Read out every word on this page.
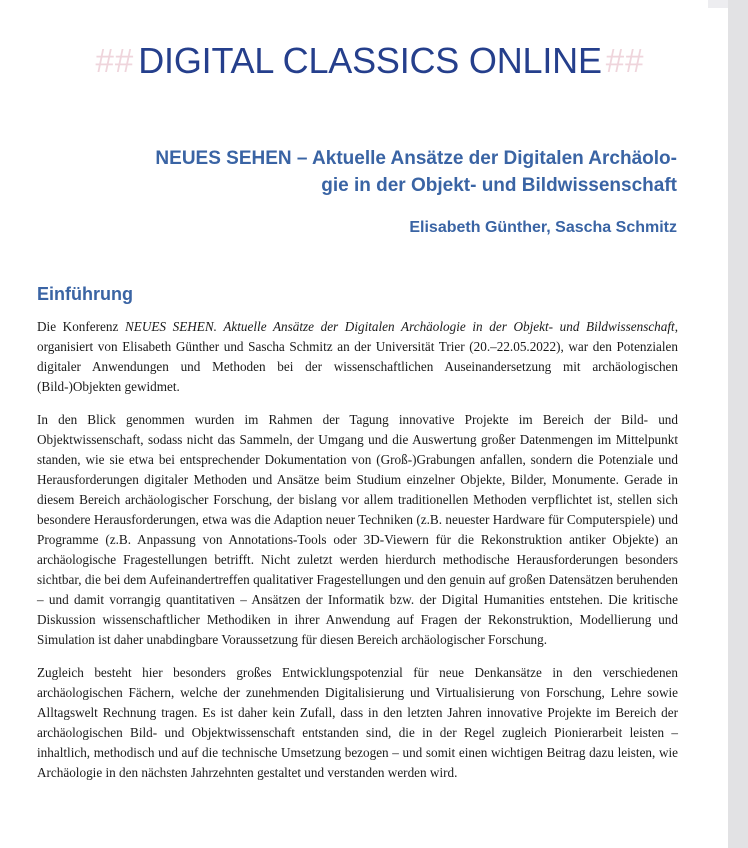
## DIGITAL CLASSICS ONLINE ##
NEUES SEHEN – Aktuelle Ansätze der Digitalen Archäolo-
gie in der Objekt- und Bildwissenschaft
Elisabeth Günther, Sascha Schmitz
Einführung

Die Konferenz NEUES SEHEN. Aktuelle Ansätze der Digitalen Archäologie in der Objekt- und Bildwissenschaft, organisiert von Elisabeth Günther und Sascha Schmitz an der Universität Trier (20.–22.05.2022), war den Potenzialen digitaler Anwendungen und Methoden bei der wissenschaftlichen Auseinandersetzung mit archäologischen (Bild-)Objekten gewidmet.

In den Blick genommen wurden im Rahmen der Tagung innovative Projekte im Bereich der Bild- und Objektwissenschaft, sodass nicht das Sammeln, der Umgang und die Auswertung großer Datenmengen im Mittelpunkt standen, wie sie etwa bei entsprechender Dokumentation von (Groß-)Grabungen anfallen, sondern die Potenziale und Herausforderungen digitaler Methoden und Ansätze beim Studium einzelner Objekte, Bilder, Monumente. Gerade in diesem Bereich archäologischer Forschung, der bislang vor allem traditionellen Methoden verpflichtet ist, stellen sich besondere Herausforderungen, etwa was die Adaption neuer Techniken (z.B. neuester Hardware für Computerspiele) und Programme (z.B. Anpassung von Annotations-Tools oder 3D-Viewern für die Rekonstruktion antiker Objekte) an archäologische Fragestellungen betrifft. Nicht zuletzt werden hierdurch methodische Herausforderungen besonders sichtbar, die bei dem Aufeinandertreffen qualitativer Fragestellungen und den genuin auf großen Datensätzen beruhenden – und damit vorrangig quantitativen – Ansätzen der Informatik bzw. der Digital Humanities entstehen. Die kritische Diskussion wissenschaftlicher Methodiken in ihrer Anwendung auf Fragen der Rekonstruktion, Modellierung und Simulation ist daher unabdingbare Voraussetzung für diesen Bereich archäologischer Forschung.

Zugleich besteht hier besonders großes Entwicklungspotenzial für neue Denkansätze in den verschiedenen archäologischen Fächern, welche der zunehmenden Digitalisierung und Virtualisierung von Forschung, Lehre sowie Alltagswelt Rechnung tragen. Es ist daher kein Zufall, dass in den letzten Jahren innovative Projekte im Bereich der archäologischen Bild- und Objektwissenschaft entstanden sind, die in der Regel zugleich Pionierarbeit leisten – inhaltlich, methodisch und auf die technische Umsetzung bezogen – und somit einen wichtigen Beitrag dazu leisten, wie Archäologie in den nächsten Jahrzehnten gestaltet und verstanden werden wird.
